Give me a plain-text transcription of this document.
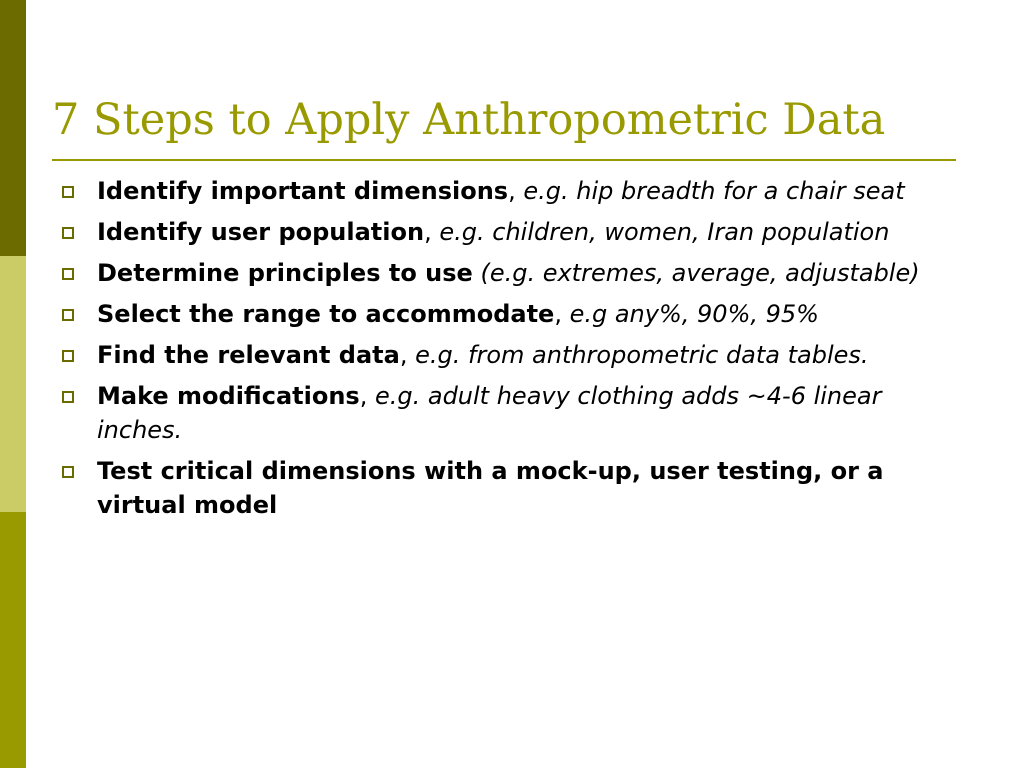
7 Steps to Apply Anthropometric Data
Identify important dimensions, e.g. hip breadth for a chair seat
Identify user population, e.g. children, women, Iran population
Determine principles to use (e.g. extremes, average, adjustable)
Select the range to accommodate, e.g any%, 90%, 95%
Find the relevant data, e.g. from anthropometric data tables.
Make modifications, e.g. adult heavy clothing adds ~4-6 linear inches.
Test critical dimensions with a mock-up, user testing, or a virtual model
